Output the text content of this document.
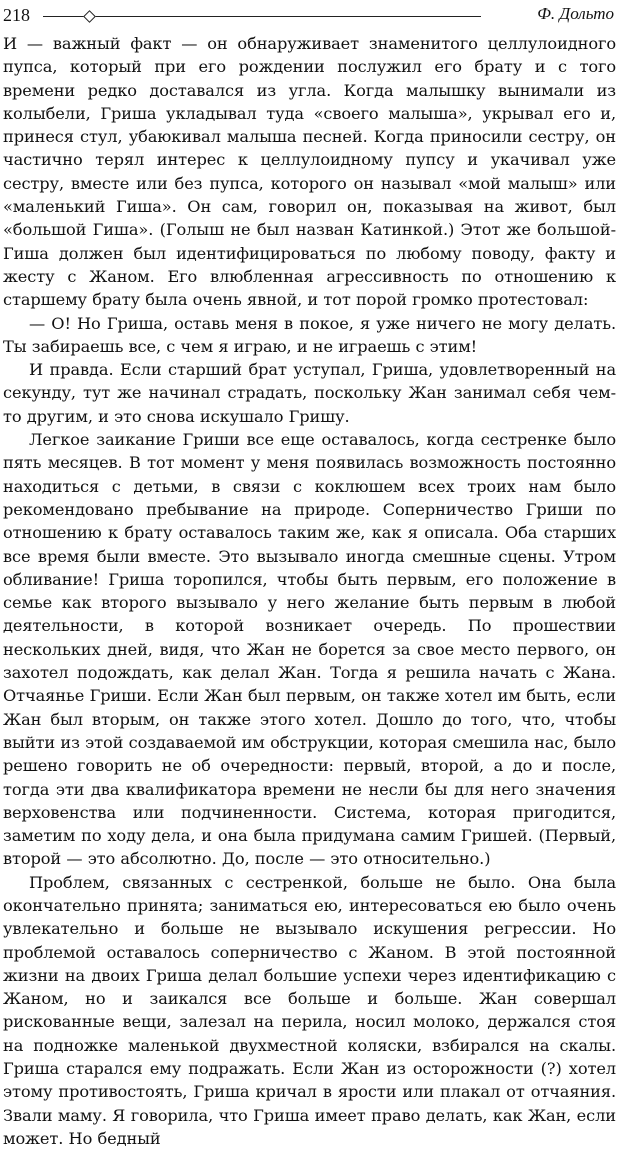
218	Ф. Дольто

И — важный факт — он обнаруживает знаменитого целлулоидного пупса, который при его рождении послужил его брату и с того времени редко доставался из угла. Когда малышку вынимали из колыбели, Гриша укладывал туда «своего малыша», укрывал его и, принеся стул, убаюкивал малыша песней. Когда приносили сестру, он частично терял интерес к целлулоидному пупсу и укачивал уже сестру, вместе или без пупса, которого он называл «мой малыш» или «маленький Гиша». Он сам, говорил он, показывая на живот, был «большой Гиша». (Голыш не был назван Катинкой.) Этот же большой-Гиша должен был идентифицироваться по любому поводу, факту и жесту с Жаном. Его влюбленная агрессивность по отношению к старшему брату была очень явной, и тот порой громко протестовал:

— О! Но Гриша, оставь меня в покое, я уже ничего не могу делать. Ты забираешь все, с чем я играю, и не играешь с этим!

И правда. Если старший брат уступал, Гриша, удовлетворенный на секунду, тут же начинал страдать, поскольку Жан занимал себя чем-то другим, и это снова искушало Гришу.

Легкое заикание Гриши все еще оставалось, когда сестренке было пять месяцев. В тот момент у меня появилась возможность постоянно находиться с детьми, в связи с коклюшем всех троих нам было рекомендовано пребывание на природе. Соперничество Гриши по отношению к брату оставалось таким же, как я описала. Оба старших все время были вместе. Это вызывало иногда смешные сцены. Утром обливание! Гриша торопился, чтобы быть первым, его положение в семье как второго вызывало у него желание быть первым в любой деятельности, в которой возникает очередь. По прошествии нескольких дней, видя, что Жан не борется за свое место первого, он захотел подождать, как делал Жан. Тогда я решила начать с Жана. Отчаянье Гриши. Если Жан был первым, он также хотел им быть, если Жан был вторым, он также этого хотел. Дошло до того, что, чтобы выйти из этой создаваемой им обструкции, которая смешила нас, было решено говорить не об очередности: первый, второй, а до и после, тогда эти два квалификатора времени не несли бы для него значения верховенства или подчиненности. Система, которая пригодится, заметим по ходу дела, и она была придумана самим Гришей. (Первый, второй — это абсолютно. До, после — это относительно.)

Проблем, связанных с сестренкой, больше не было. Она была окончательно принята; заниматься ею, интересоваться ею было очень увлекательно и больше не вызывало искушения регрессии. Но проблемой оставалось соперничество с Жаном. В этой постоянной жизни на двоих Гриша делал большие успехи через идентификацию с Жаном, но и заикался все больше и больше. Жан совершал рискованные вещи, залезал на перила, носил молоко, держался стоя на подножке маленькой двухместной коляски, взбирался на скалы. Гриша старался ему подражать. Если Жан из осторожности (?) хотел этому противостоять, Гриша кричал в ярости или плакал от отчаяния. Звали маму. Я говорила, что Гриша имеет право делать, как Жан, если может. Но бедный
